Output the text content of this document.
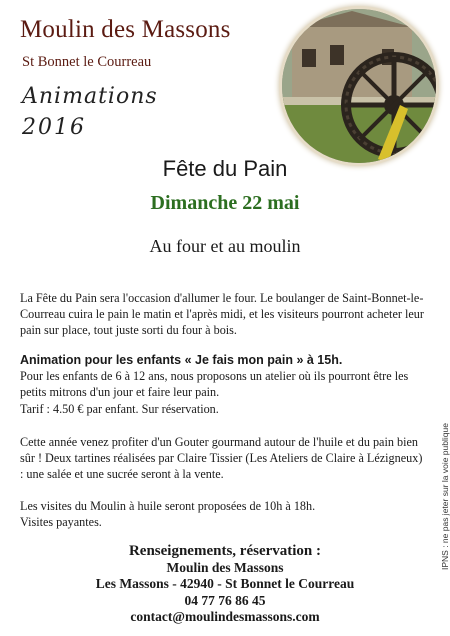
Moulin des Massons
St Bonnet le Courreau
Animations
2016
Fête du Pain
Dimanche 22 mai
Au four et au moulin
La Fête du Pain sera l'occasion d'allumer le four. Le boulanger de Saint-Bonnet-le-Courreau cuira le pain le matin et l'après midi, et les visiteurs pourront acheter leur pain sur place, tout juste sorti du four à bois.
Animation pour les enfants « Je fais mon pain » à 15h.
Pour les enfants de 6 à 12 ans, nous proposons un atelier où ils pourront être les petits mitrons d'un jour et faire leur pain.
Tarif : 4.50 € par enfant. Sur réservation.
Cette année venez profiter d'un Gouter gourmand autour de l'huile et du pain bien sûr ! Deux tartines réalisées par Claire Tissier (Les Ateliers de Claire à Lézigneux) : une salée et une sucrée seront à la vente.
Les visites du Moulin à huile seront proposées de 10h à 18h.
Visites payantes.
Renseignements, réservation :
Moulin des Massons
Les Massons - 42940 - St Bonnet le Courreau
04 77 76 86 45
contact@moulindesmassons.com
IPNS : ne pas jeter sur la voie publique
